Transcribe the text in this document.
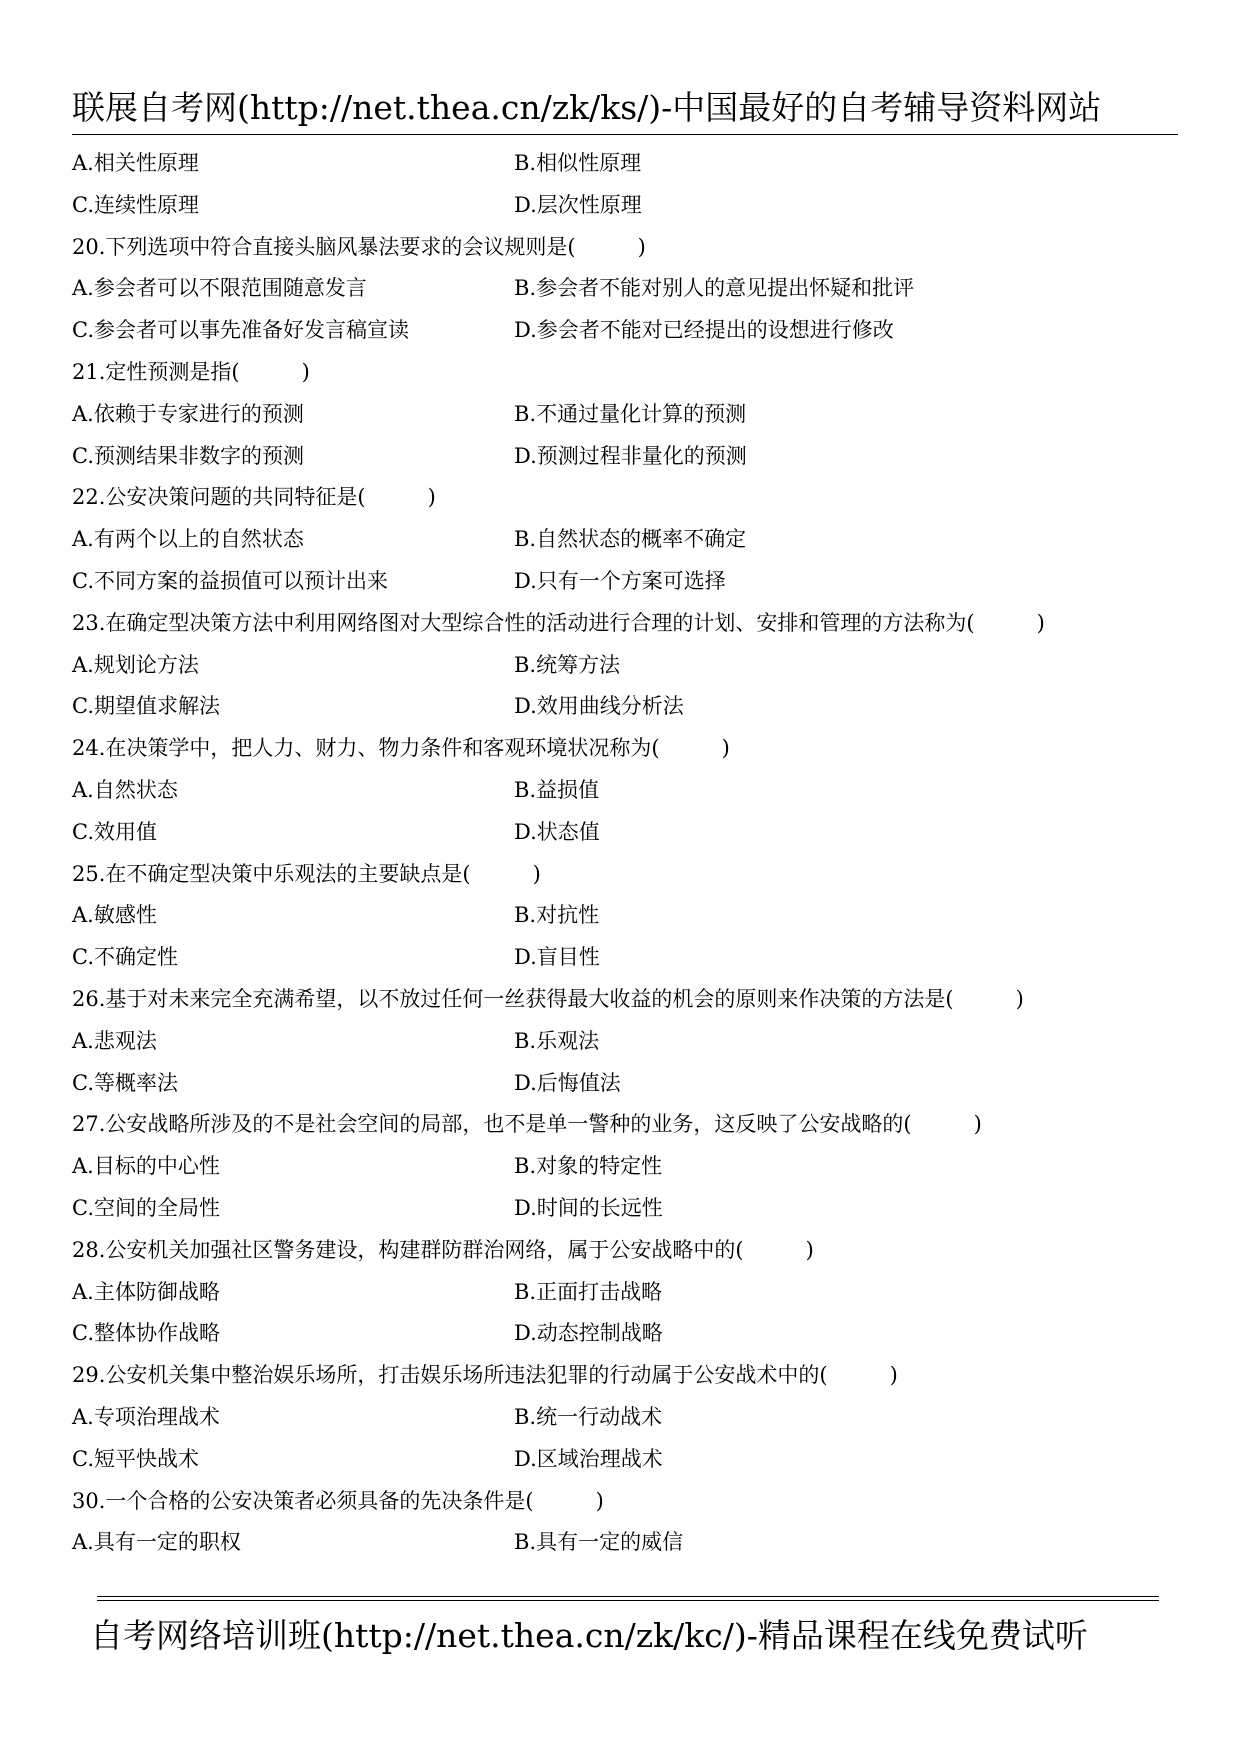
联展自考网(http://net.thea.cn/zk/ks/)-中国最好的自考辅导资料网站
A.相关性原理	B.相似性原理
C.连续性原理	D.层次性原理
20.下列选项中符合直接头脑风暴法要求的会议规则是(	)
A.参会者可以不限范围随意发言	B.参会者不能对别人的意见提出怀疑和批评
C.参会者可以事先准备好发言稿宣读	D.参会者不能对已经提出的设想进行修改
21.定性预测是指(	)
A.依赖于专家进行的预测	B.不通过量化计算的预测
C.预测结果非数字的预测	D.预测过程非量化的预测
22.公安决策问题的共同特征是(	)
A.有两个以上的自然状态	B.自然状态的概率不确定
C.不同方案的益损值可以预计出来	D.只有一个方案可选择
23.在确定型决策方法中利用网络图对大型综合性的活动进行合理的计划、安排和管理的方法称为(	)
A.规划论方法	B.统筹方法
C.期望值求解法	D.效用曲线分析法
24.在决策学中，把人力、财力、物力条件和客观环境状况称为(	)
A.自然状态	B.益损值
C.效用值	D.状态值
25.在不确定型决策中乐观法的主要缺点是(	)
A.敏感性	B.对抗性
C.不确定性	D.盲目性
26.基于对未来完全充满希望，以不放过任何一丝获得最大收益的机会的原则来作决策的方法是(	)
A.悲观法	B.乐观法
C.等概率法	D.后悔值法
27.公安战略所涉及的不是社会空间的局部，也不是单一警种的业务，这反映了公安战略的(	)
A.目标的中心性	B.对象的特定性
C.空间的全局性	D.时间的长远性
28.公安机关加强社区警务建设，构建群防群治网络，属于公安战略中的(	)
A.主体防御战略	B.正面打击战略
C.整体协作战略	D.动态控制战略
29.公安机关集中整治娱乐场所，打击娱乐场所违法犯罪的行动属于公安战术中的(	)
A.专项治理战术	B.统一行动战术
C.短平快战术	D.区域治理战术
30.一个合格的公安决策者必须具备的先决条件是(	)
A.具有一定的职权	B.具有一定的威信
自考网络培训班(http://net.thea.cn/zk/kc/)-精品课程在线免费试听
